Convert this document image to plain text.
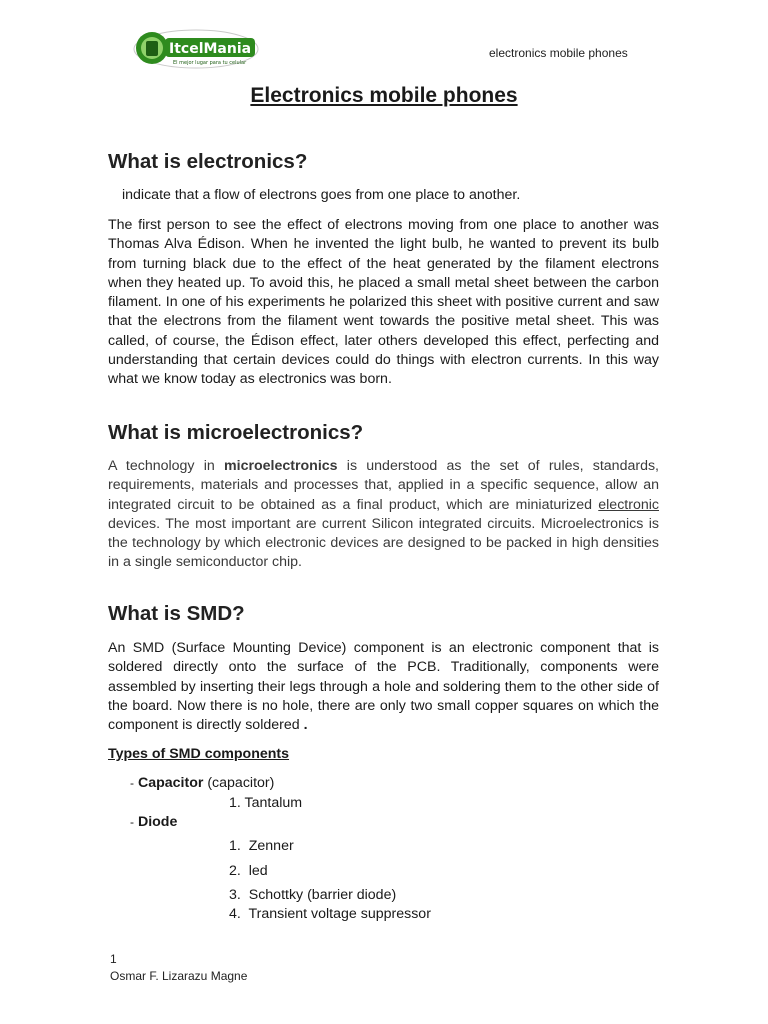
ItcelMania
El mejor lugar para tu celular
electronics mobile phones
Electronics mobile phones
What is electronics?
indicate that a flow of electrons goes from one place to another.
The first person to see the effect of electrons moving from one place to another was Thomas Alva Édison. When he invented the light bulb, he wanted to prevent its bulb from turning black due to the effect of the heat generated by the filament electrons when they heated up. To avoid this, he placed a small metal sheet between the carbon filament. In one of his experiments he polarized this sheet with positive current and saw that the electrons from the filament went towards the positive metal sheet. This was called, of course, the Édison effect, later others developed this effect, perfecting and understanding that certain devices could do things with electron currents. In this way what we know today as electronics was born.
What is microelectronics?
A technology in microelectronics is understood as the set of rules, standards, requirements, materials and processes that, applied in a specific sequence, allow an integrated circuit to be obtained as a final product, which are miniaturized electronic devices. The most important are current Silicon integrated circuits. Microelectronics is the technology by which electronic devices are designed to be packed in high densities in a single semiconductor chip.
What is SMD?
An SMD (Surface Mounting Device) component is an electronic component that is soldered directly onto the surface of the PCB. Traditionally, components were assembled by inserting their legs through a hole and soldering them to the other side of the board. Now there is no hole, there are only two small copper squares on which the component is directly soldered .
Types of SMD components
- Capacitor (capacitor)
1. Tantalum
- Diode
1. Zenner
2. led
3. Schottky (barrier diode)
4. Transient voltage suppressor
1
Osmar F. Lizarazu Magne
